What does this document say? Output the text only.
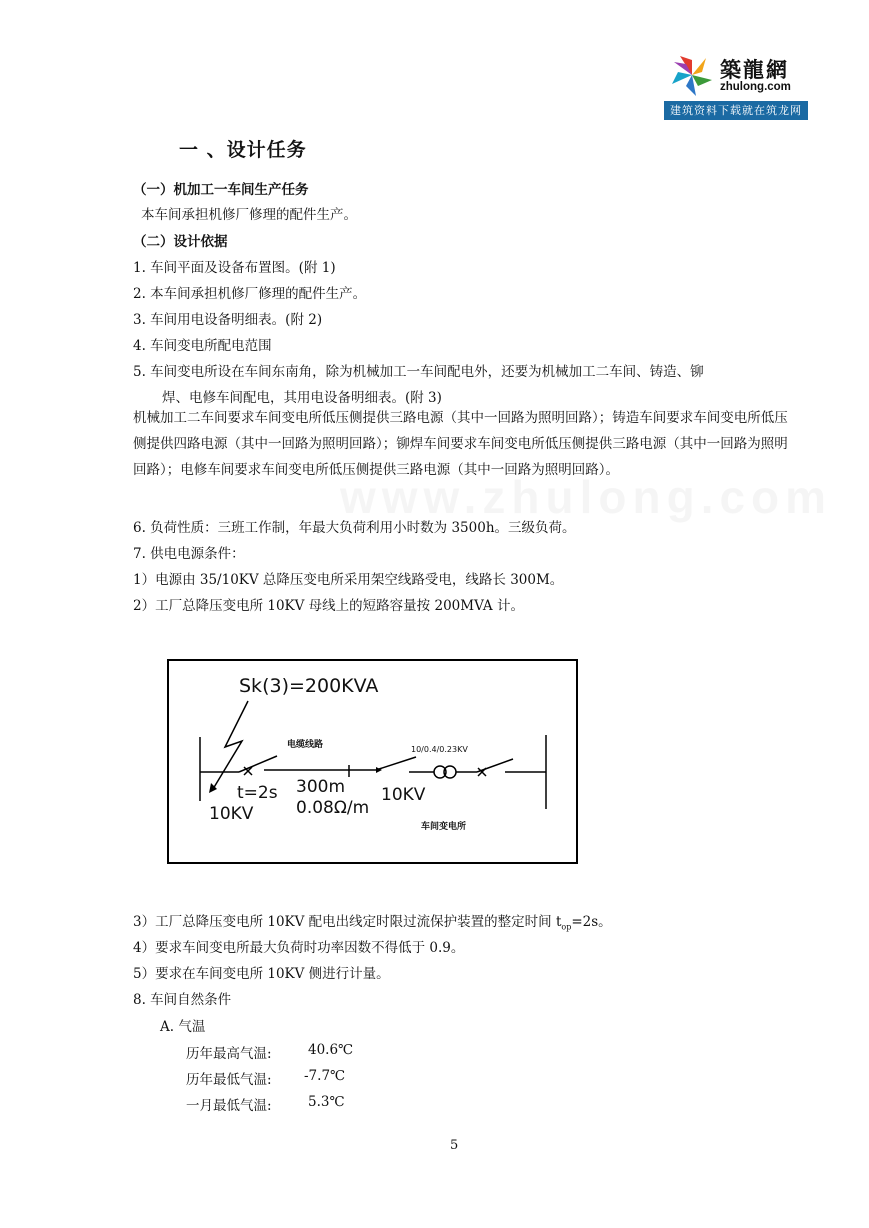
築龍網
zhulong.com
建筑资料下载就在筑龙网
一 、设计任务
（一）机加工一车间生产任务
本车间承担机修厂修理的配件生产。
（二）设计依据
1. 车间平面及设备布置图。(附 1)
2. 本车间承担机修厂修理的配件生产。
3. 车间用电设备明细表。(附 2)
4. 车间变电所配电范围
5. 车间变电所设在车间东南角，除为机械加工一车间配电外，还要为机械加工二车间、铸造、铆
焊、电修车间配电，其用电设备明细表。(附 3)
机械加工二车间要求车间变电所低压侧提供三路电源（其中一回路为照明回路）；铸造车间要求车间变电所低压侧提供四路电源（其中一回路为照明回路）；铆焊车间要求车间变电所低压侧提供三路电源（其中一回路为照明回路）；电修车间要求车间变电所低压侧提供三路电源（其中一回路为照明回路）。
6. 负荷性质：三班工作制，年最大负荷利用小时数为 3500h。三级负荷。
7. 供电电源条件：
1）电源由 35/10KV 总降压变电所采用架空线路受电，线路长 300M。
2）工厂总降压变电所 10KV 母线上的短路容量按 200MVA 计。
Sk(3)=200KVA
电缆线路	10/0.4/0.23KV
t=2s 300m
0.08Ω/m
10KV
10KV
车间变电所
3）工厂总降压变电所 10KV 配电出线定时限过流保护装置的整定时间 $t_{op}=2s$。
4）要求车间变电所最大负荷时功率因数不得低于 0.9。
5）要求在车间变电所 10KV 侧进行计量。
8. 车间自然条件
A. 气温
历年最高气温:	40.6℃
历年最低气温: -7.7℃
一月最低气温:	5.3℃
5
